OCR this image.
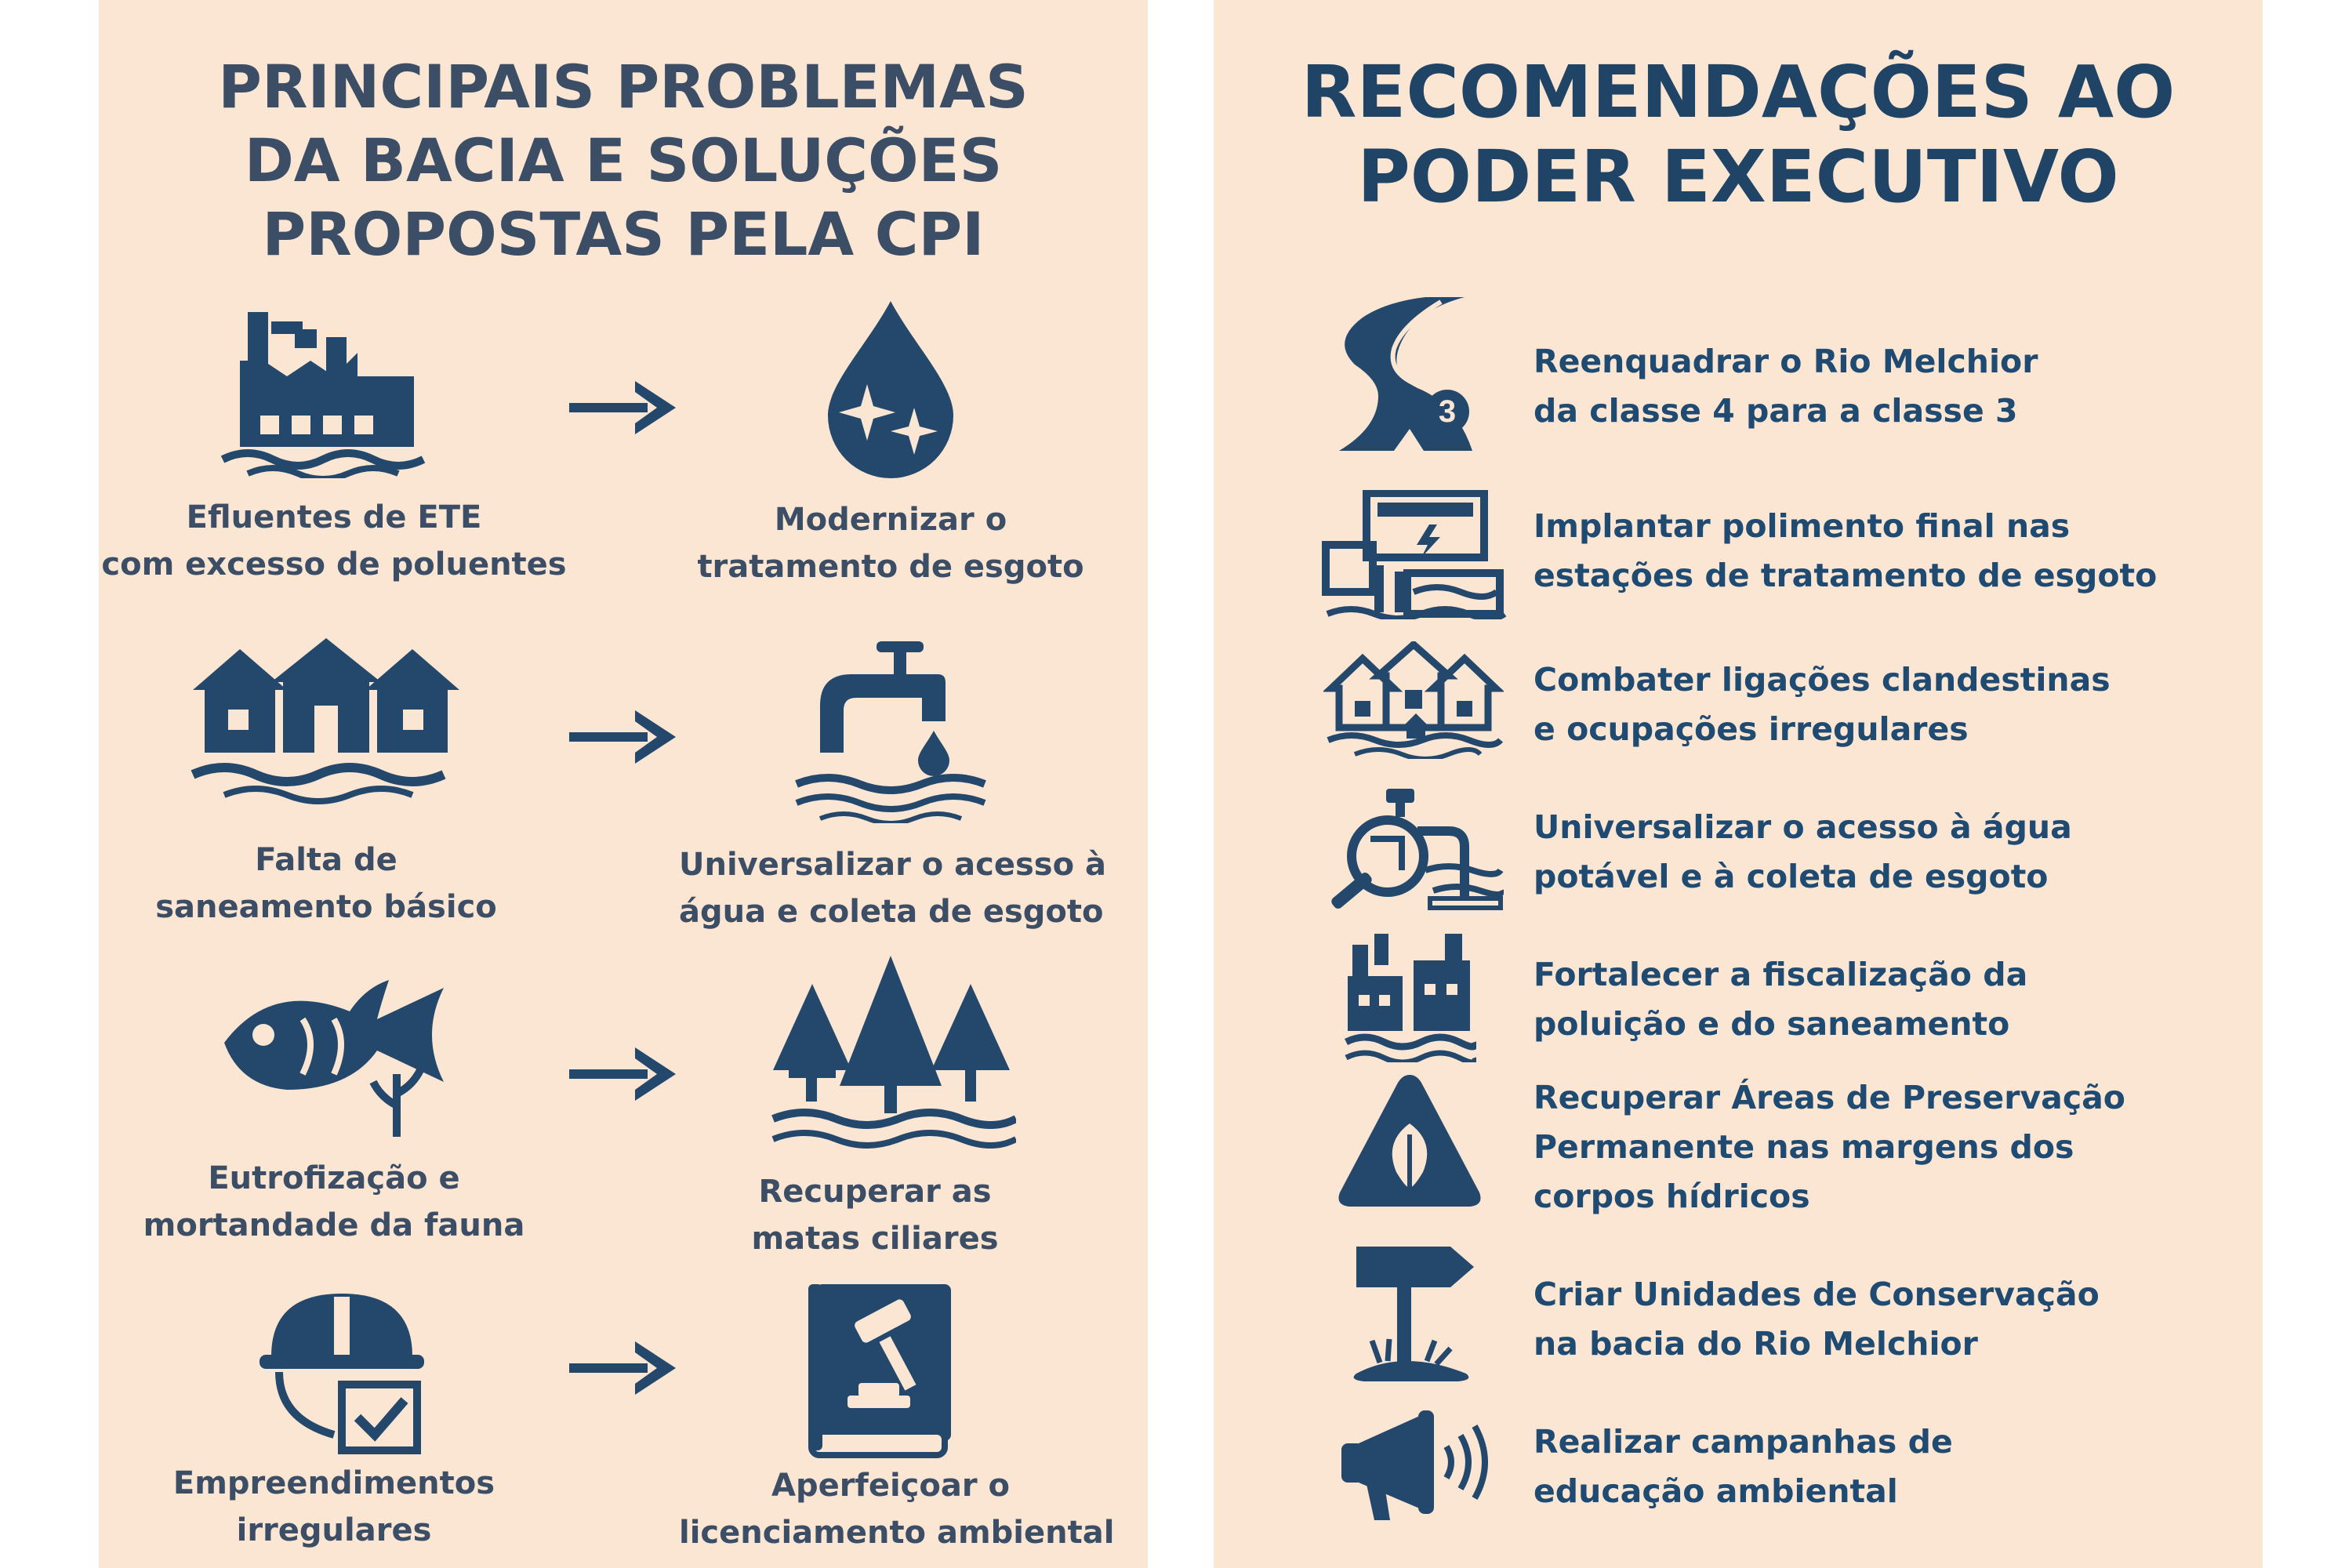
PRINCIPAIS PROBLEMAS
DA BACIA E SOLUÇÕES
PROPOSTAS PELA CPI
Efluentes de ETE
com excesso de poluentes
Modernizar o
tratamento de esgoto
Falta de
saneamento básico
Universalizar o acesso à
água e coleta de esgoto
Eutrofização e
mortandade da fauna
Recuperar as
matas ciliares
Empreendimentos
irregulares
Aperfeiçoar o
licenciamento ambiental
RECOMENDAÇÕES AO
PODER EXECUTIVO
3
Reenquadrar o Rio Melchior
da classe 4 para a classe 3
Implantar polimento final nas
estações de tratamento de esgoto
Combater ligações clandestinas
e ocupações irregulares
Universalizar o acesso à água
potável e à coleta de esgoto
Fortalecer a fiscalização da
poluição e do saneamento
Recuperar Áreas de Preservação
Permanente nas margens dos
corpos hídricos
Criar Unidades de Conservação
na bacia do Rio Melchior
Realizar campanhas de
educação ambiental
